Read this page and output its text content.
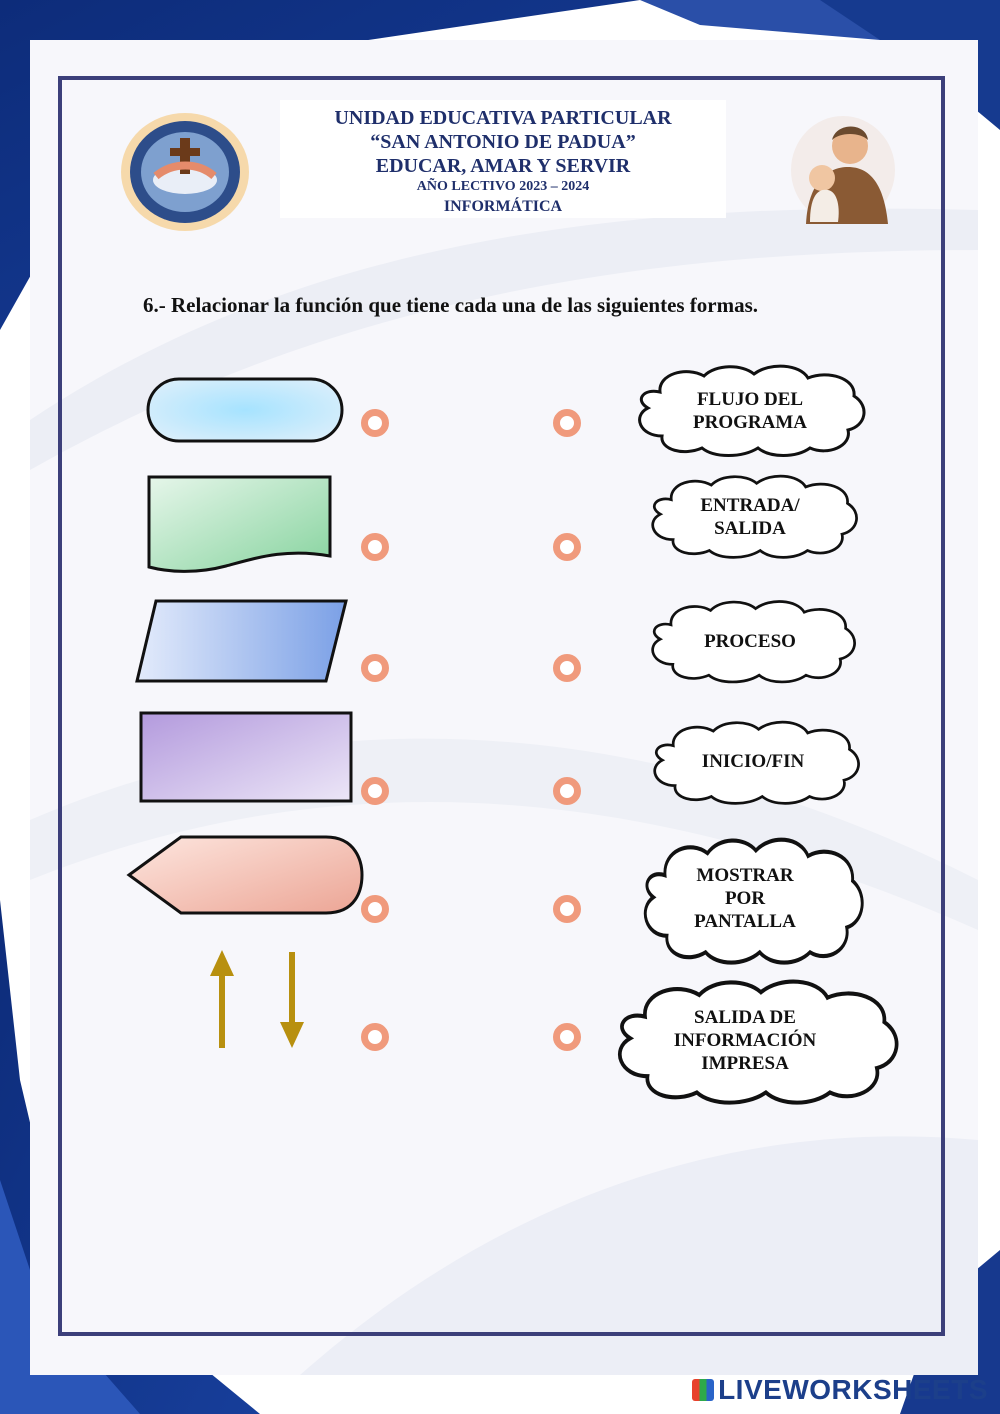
UNIDAD EDUCATIVA PARTICULAR
“SAN ANTONIO DE PADUA”
EDUCAR, AMAR Y SERVIR
AÑO LECTIVO 2023 – 2024
INFORMÁTICA
6.- Relacionar la función que tiene cada una de las siguientes formas.
FLUJO DEL
PROGRAMA
ENTRADA/
SALIDA
PROCESO
INICIO/FIN
MOSTRAR
POR
PANTALLA
SALIDA DE
INFORMACIÓN
IMPRESA
LIVEWORKSHEETS
